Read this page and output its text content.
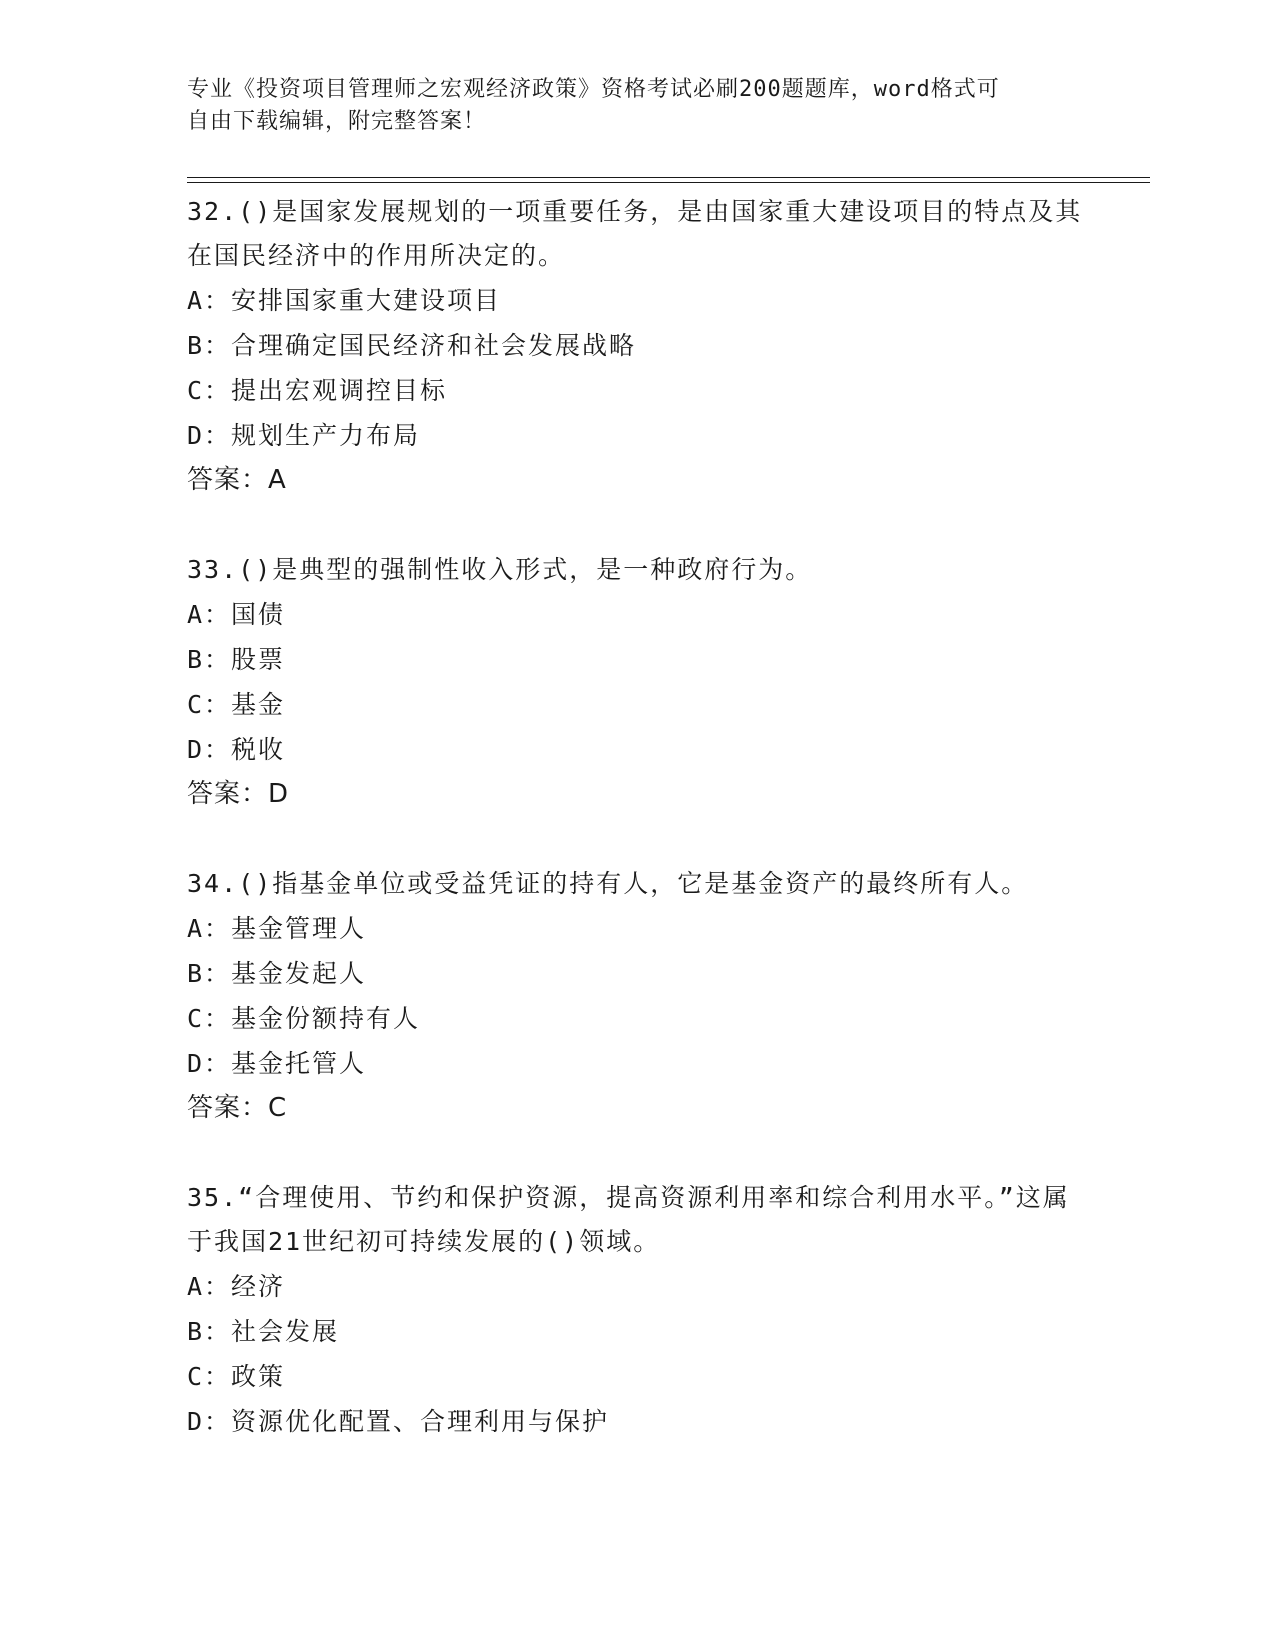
专业《投资项目管理师之宏观经济政策》资格考试必刷200题题库，word格式可
自由下载编辑，附完整答案！
32.()是国家发展规划的一项重要任务，是由国家重大建设项目的特点及其在国民经济中的作用所决定的。
A：安排国家重大建设项目
B：合理确定国民经济和社会发展战略
C：提出宏观调控目标
D：规划生产力布局
答案：A
33.()是典型的强制性收入形式，是一种政府行为。
A：国债
B：股票
C：基金
D：税收
答案：D
34.()指基金单位或受益凭证的持有人，它是基金资产的最终所有人。
A：基金管理人
B：基金发起人
C：基金份额持有人
D：基金托管人
答案：C
35.“合理使用、节约和保护资源，提高资源利用率和综合利用水平。”这属于我国21世纪初可持续发展的()领域。
A：经济
B：社会发展
C：政策
D：资源优化配置、合理利用与保护
